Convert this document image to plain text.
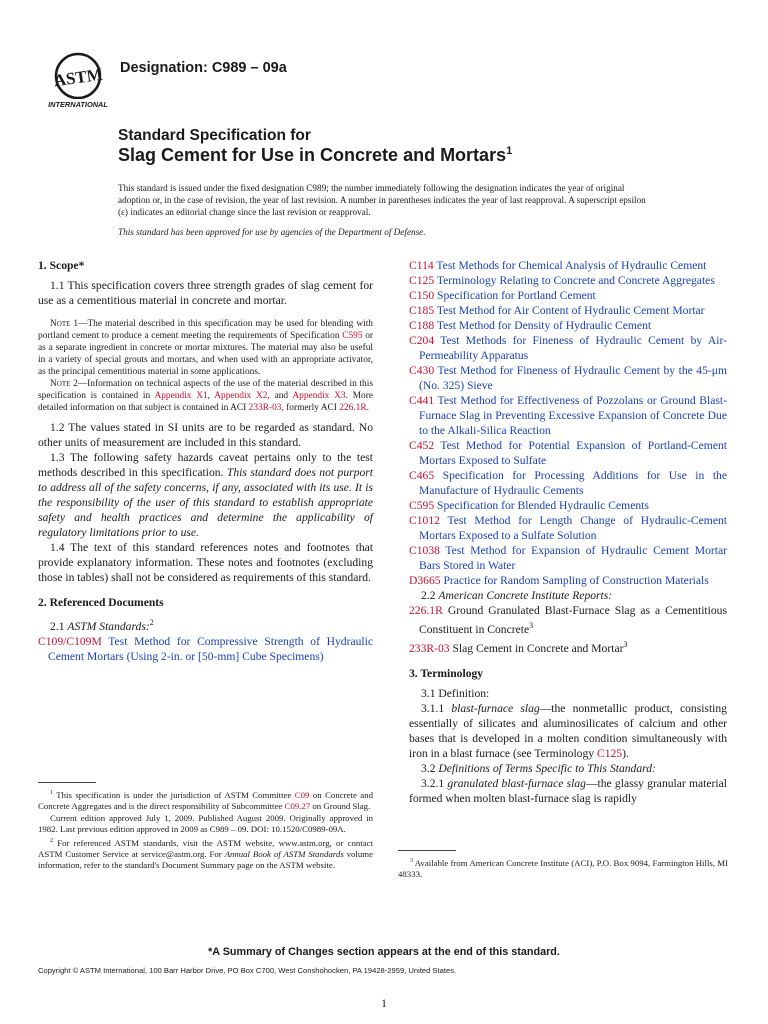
ASTM
INTERNATIONAL
Designation: C989 – 09a
Standard Specification for
Slag Cement for Use in Concrete and Mortars$^1$
This standard is issued under the fixed designation C989; the number immediately following the designation indicates the year of original adoption or, in the case of revision, the year of last revision. A number in parentheses indicates the year of last reapproval. A superscript epsilon (ε) indicates an editorial change since the last revision or reapproval.
This standard has been approved for use by agencies of the Department of Defense.

1. Scope*

1.1 This specification covers three strength grades of slag cement for use as a cementitious material in concrete and mortar.

Note 1—The material described in this specification may be used for blending with portland cement to produce a cement meeting the requirements of Specification C595 or as a separate ingredient in concrete or mortar mixtures. The material may also be useful in a variety of special grouts and mortars, and when used with an appropriate activator, as the principal cementitious material in some applications.

Note 2—Information on technical aspects of the use of the material described in this specification is contained in Appendix X1, Appendix X2, and Appendix X3. More detailed information on that subject is contained in ACI 233R-03, formerly ACI 226.1R.

1.2 The values stated in SI units are to be regarded as standard. No other units of measurement are included in this standard.

1.3 The following safety hazards caveat pertains only to the test methods described in this specification. This standard does not purport to address all of the safety concerns, if any, associated with its use. It is the responsibility of the user of this standard to establish appropriate safety and health practices and determine the applicability of regulatory limitations prior to use.

1.4 The text of this standard references notes and footnotes that provide explanatory information. These notes and footnotes (excluding those in tables) shall not be considered as requirements of this standard.

2. Referenced Documents

2.1 ASTM Standards:$^2$

C109/C109M Test Method for Compressive Strength of Hydraulic Cement Mortars (Using 2-in. or [50-mm] Cube Specimens)

C114 Test Methods for Chemical Analysis of Hydraulic Cement

C125 Terminology Relating to Concrete and Concrete Aggregates

C150 Specification for Portland Cement

C185 Test Method for Air Content of Hydraulic Cement Mortar

C188 Test Method for Density of Hydraulic Cement

C204 Test Methods for Fineness of Hydraulic Cement by Air-Permeability Apparatus

C430 Test Method for Fineness of Hydraulic Cement by the 45-μm (No. 325) Sieve

C441 Test Method for Effectiveness of Pozzolans or Ground Blast-Furnace Slag in Preventing Excessive Expansion of Concrete Due to the Alkali-Silica Reaction

C452 Test Method for Potential Expansion of Portland-Cement Mortars Exposed to Sulfate

C465 Specification for Processing Additions for Use in the Manufacture of Hydraulic Cements

C595 Specification for Blended Hydraulic Cements

C1012 Test Method for Length Change of Hydraulic-Cement Mortars Exposed to a Sulfate Solution

C1038 Test Method for Expansion of Hydraulic Cement Mortar Bars Stored in Water

D3665 Practice for Random Sampling of Construction Materials

2.2 American Concrete Institute Reports:

226.1R Ground Granulated Blast-Furnace Slag as a Cementitious Constituent in Concrete$^3$

233R-03 Slag Cement in Concrete and Mortar$^3$

3. Terminology

3.1 Definition:

3.1.1 blast-furnace slag—the nonmetallic product, consisting essentially of silicates and aluminosilicates of calcium and other bases that is developed in a molten condition simultaneously with iron in a blast furnace (see Terminology C125).

3.2 Definitions of Terms Specific to This Standard:

3.2.1 granulated blast-furnace slag—the glassy granular material formed when molten blast-furnace slag is rapidly

$^1$ This specification is under the jurisdiction of ASTM Committee C09 on Concrete and Concrete Aggregates and is the direct responsibility of Subcommittee C09.27 on Ground Slag.

Current edition approved July 1, 2009. Published August 2009. Originally approved in 1982. Last previous edition approved in 2009 as C989 – 09. DOI: 10.1520/C0989-09A.

$^2$ For referenced ASTM standards, visit the ASTM website, www.astm.org, or contact ASTM Customer Service at service@astm.org. For Annual Book of ASTM Standards volume information, refer to the standard's Document Summary page on the ASTM website.	$^3$ Available from American Concrete Institute (ACI), P.O. Box 9094, Farmington Hills, MI 48333.

*A Summary of Changes section appears at the end of this standard.
Copyright © ASTM International, 100 Barr Harbor Drive, PO Box C700, West Conshohocken, PA 19428-2959, United States.
1
